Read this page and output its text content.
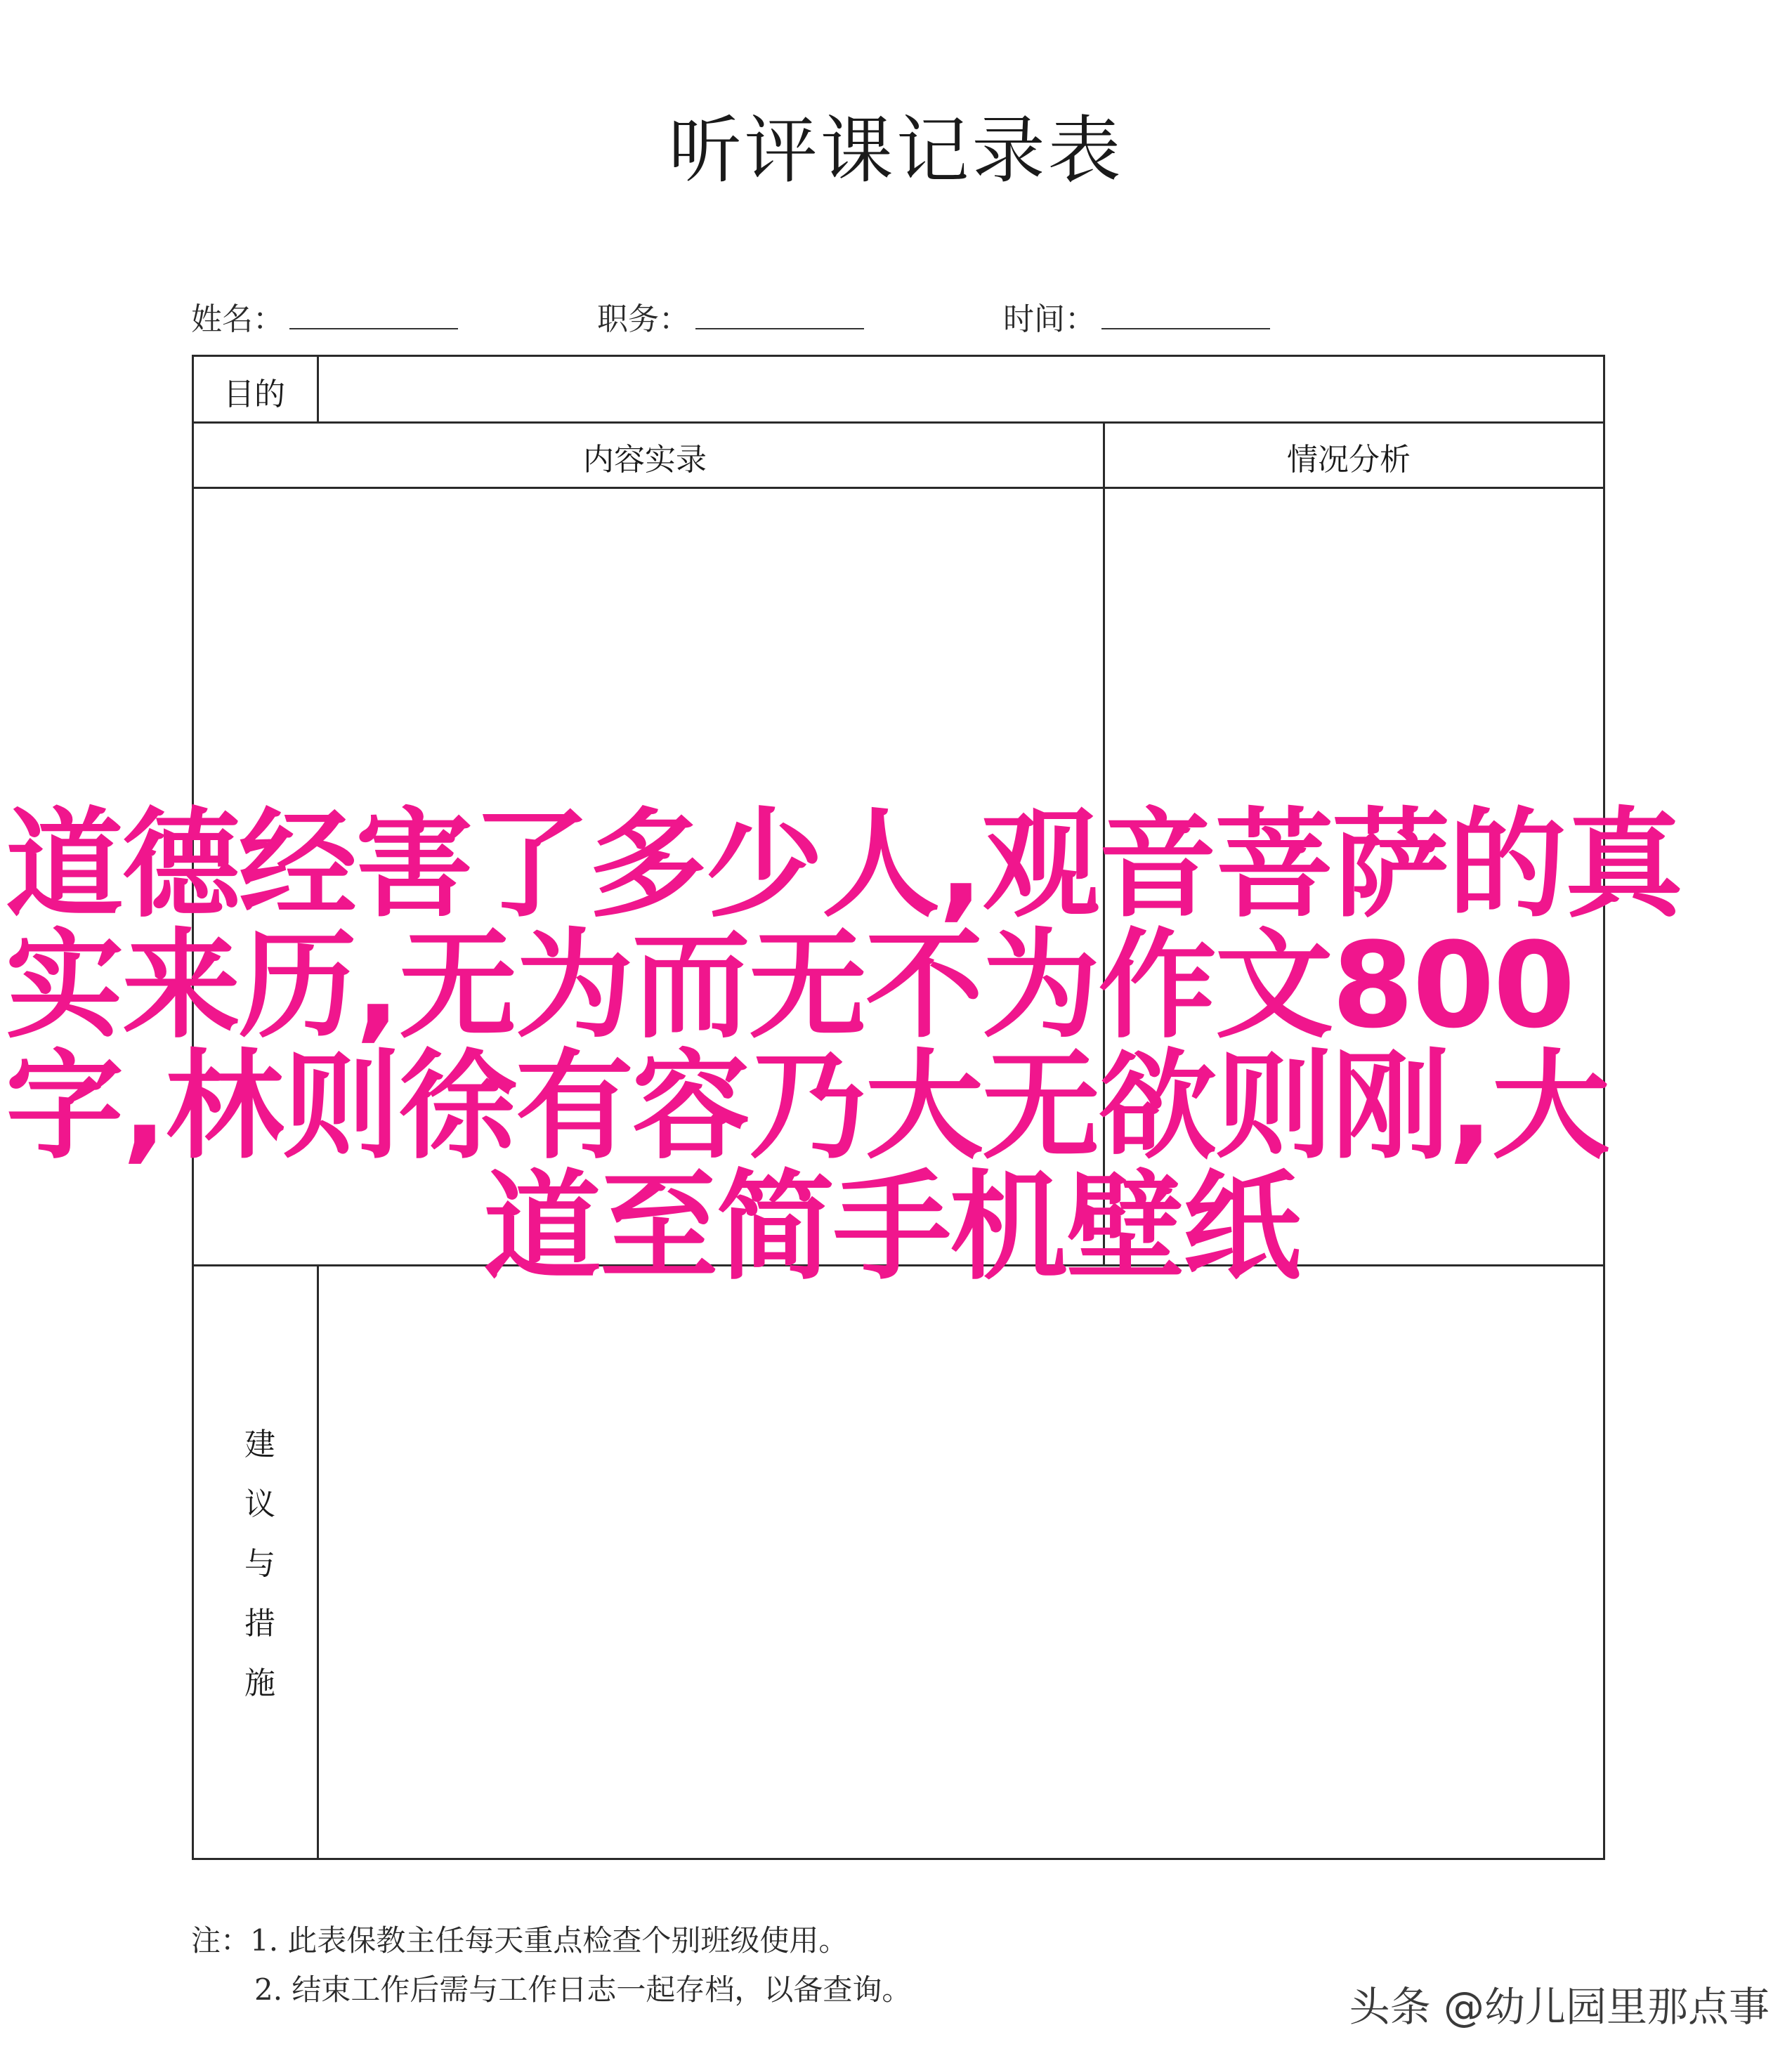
听评课记录表
姓名：	职务：	时间：
目的
内容实录	情况分析
建
议
与
措
施
道德经害了多少人,观音菩萨的真
实来历,无为而无不为作文800
字,林则徐有容乃大无欲则刚,大
道至简手机壁纸
注：1. 此表保教主任每天重点检查个别班级使用。
2. 结束工作后需与工作日志一起存档，以备查询。	头条 @幼儿园里那点事
